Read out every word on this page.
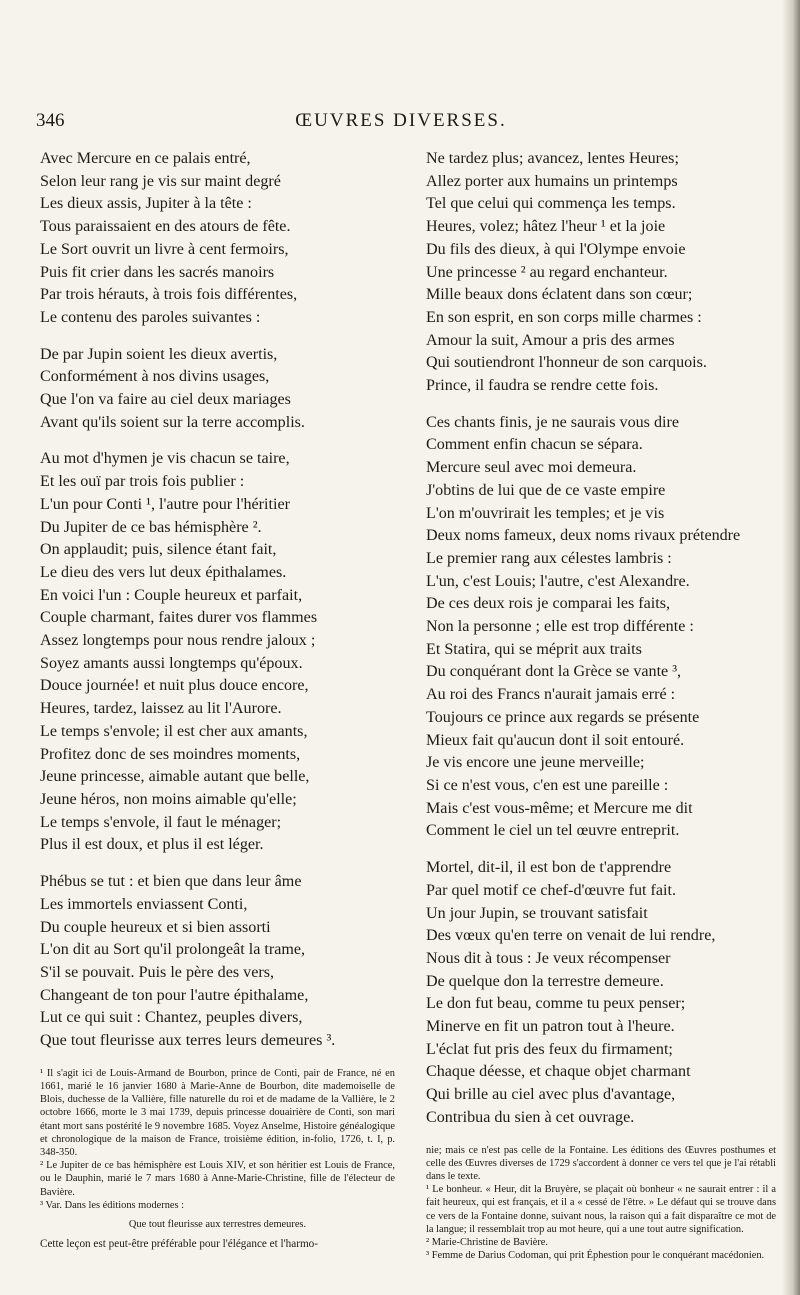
346	ŒUVRES DIVERSES.
Avec Mercure en ce palais entré,
Selon leur rang je vis sur maint degré
Les dieux assis, Jupiter à la tête :
Tous paraissaient en des atours de fête.
Le Sort ouvrit un livre à cent fermoirs,
Puis fit crier dans les sacrés manoirs
Par trois hérauts, à trois fois différentes,
Le contenu des paroles suivantes :
De par Jupin soient les dieux avertis,
Conformément à nos divins usages,
Que l'on va faire au ciel deux mariages
Avant qu'ils soient sur la terre accomplis.
Au mot d'hymen je vis chacun se taire,
Et les ouï par trois fois publier :
L'un pour Conti ¹, l'autre pour l'héritier
Du Jupiter de ce bas hémisphère ².
On applaudit; puis, silence étant fait,
Le dieu des vers lut deux épithalames.
En voici l'un : Couple heureux et parfait,
Couple charmant, faites durer vos flammes
Assez longtemps pour nous rendre jaloux ;
Soyez amants aussi longtemps qu'époux.
Douce journée! et nuit plus douce encore,
Heures, tardez, laissez au lit l'Aurore.
Le temps s'envole; il est cher aux amants,
Profitez donc de ses moindres moments,
Jeune princesse, aimable autant que belle,
Jeune héros, non moins aimable qu'elle;
Le temps s'envole, il faut le ménager;
Plus il est doux, et plus il est léger.
Phébus se tut : et bien que dans leur âme
Les immortels enviassent Conti,
Du couple heureux et si bien assorti
L'on dit au Sort qu'il prolongeât la trame,
S'il se pouvait. Puis le père des vers,
Changeant de ton pour l'autre épithalame,
Lut ce qui suit : Chantez, peuples divers,
Que tout fleurisse aux terres leurs demeures ³.

¹ Il s'agit ici de Louis-Armand de Bourbon, prince de Conti, pair de France, né en 1661, marié le 16 janvier 1680 à Marie-Anne de Bourbon, dite mademoiselle de Blois, duchesse de la Vallière, fille naturelle du roi et de madame de la Vallière, le 2 octobre 1666, morte le 3 mai 1739, depuis princesse douairière de Conti, son mari étant mort sans postérité le 9 novembre 1685. Voyez Anselme, Histoire généalogique et chronologique de la maison de France, troisième édition, in-folio, 1726, t. I, p. 348-350.

² Le Jupiter de ce bas hémisphère est Louis XIV, et son héritier est Louis de France, ou le Dauphin, marié le 7 mars 1680 à Anne-Marie-Christine, fille de l'électeur de Bavière.

³ Var. Dans les éditions modernes :

Que tout fleurisse aux terrestres demeures.

Cette leçon est peut-être préférable pour l'élégance et l'harmo-

Ne tardez plus; avancez, lentes Heures;
Allez porter aux humains un printemps
Tel que celui qui commença les temps.
Heures, volez; hâtez l'heur ¹ et la joie
Du fils des dieux, à qui l'Olympe envoie
Une princesse ² au regard enchanteur.
Mille beaux dons éclatent dans son cœur;
En son esprit, en son corps mille charmes :
Amour la suit, Amour a pris des armes
Qui soutiendront l'honneur de son carquois.
Prince, il faudra se rendre cette fois.
Ces chants finis, je ne saurais vous dire
Comment enfin chacun se sépara.
Mercure seul avec moi demeura.
J'obtins de lui que de ce vaste empire
L'on m'ouvrirait les temples; et je vis
Deux noms fameux, deux noms rivaux prétendre
Le premier rang aux célestes lambris :
L'un, c'est Louis; l'autre, c'est Alexandre.
De ces deux rois je comparai les faits,
Non la personne ; elle est trop différente :
Et Statira, qui se méprit aux traits
Du conquérant dont la Grèce se vante ³,
Au roi des Francs n'aurait jamais erré :
Toujours ce prince aux regards se présente
Mieux fait qu'aucun dont il soit entouré.
Je vis encore une jeune merveille;
Si ce n'est vous, c'en est une pareille :
Mais c'est vous-même; et Mercure me dit
Comment le ciel un tel œuvre entreprit.
Mortel, dit-il, il est bon de t'apprendre
Par quel motif ce chef-d'œuvre fut fait.
Un jour Jupin, se trouvant satisfait
Des vœux qu'en terre on venait de lui rendre,
Nous dit à tous : Je veux récompenser
De quelque don la terrestre demeure.
Le don fut beau, comme tu peux penser;
Minerve en fit un patron tout à l'heure.
L'éclat fut pris des feux du firmament;
Chaque déesse, et chaque objet charmant
Qui brille au ciel avec plus d'avantage,
Contribua du sien à cet ouvrage.

nie; mais ce n'est pas celle de la Fontaine. Les éditions des Œuvres posthumes et celle des Œuvres diverses de 1729 s'accordent à donner ce vers tel que je l'ai rétabli dans le texte.

¹ Le bonheur. « Heur, dit la Bruyère, se plaçait où bonheur « ne saurait entrer : il a fait heureux, qui est français, et il a « cessé de l'être. » Le défaut qui se trouve dans ce vers de la Fontaine donne, suivant nous, la raison qui a fait disparaître ce mot de la langue; il ressemblait trop au mot heure, qui a une tout autre signification.

² Marie-Christine de Bavière.

³ Femme de Darius Codoman, qui prit Éphestion pour le conquérant macédonien.
